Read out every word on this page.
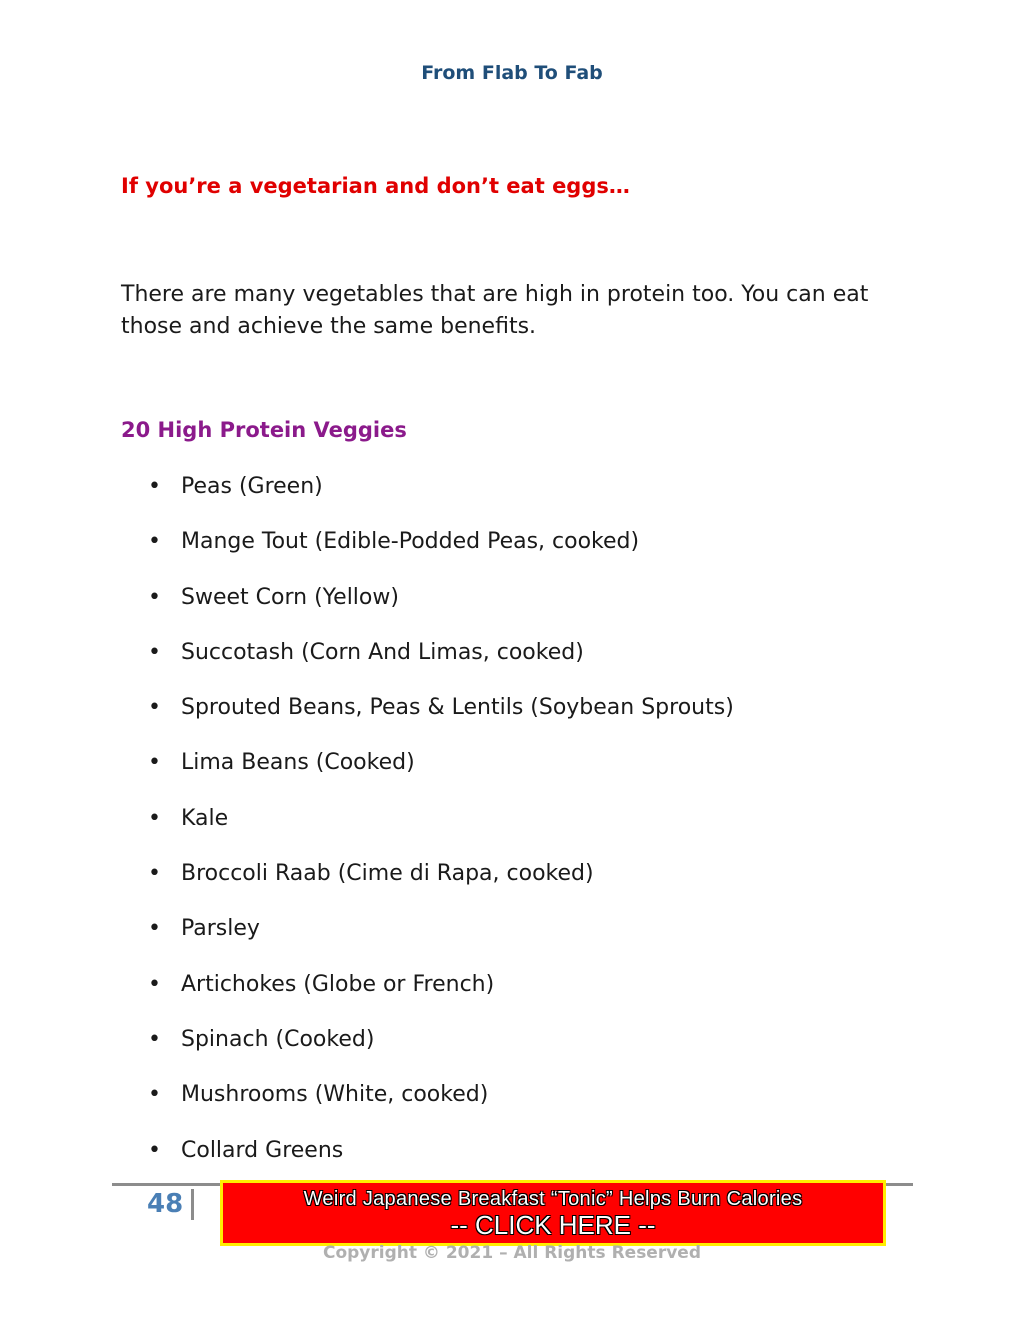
From Flab To Fab
If you’re a vegetarian and don’t eat eggs…
There are many vegetables that are high in protein too. You can eat those and achieve the same benefits.
20 High Protein Veggies
• Peas (Green)
• Mange Tout (Edible-Podded Peas, cooked)
• Sweet Corn (Yellow)
• Succotash (Corn And Limas, cooked)
• Sprouted Beans, Peas & Lentils (Soybean Sprouts)
• Lima Beans (Cooked)
• Kale
• Broccoli Raab (Cime di Rapa, cooked)
• Parsley
• Artichokes (Globe or French)
• Spinach (Cooked)
• Mushrooms (White, cooked)
• Collard Greens
48	Weird Japanese Breakfast “Tonic” Helps Burn Calories
-- CLICK HERE --
Copyright © 2021 – All Rights Reserved
